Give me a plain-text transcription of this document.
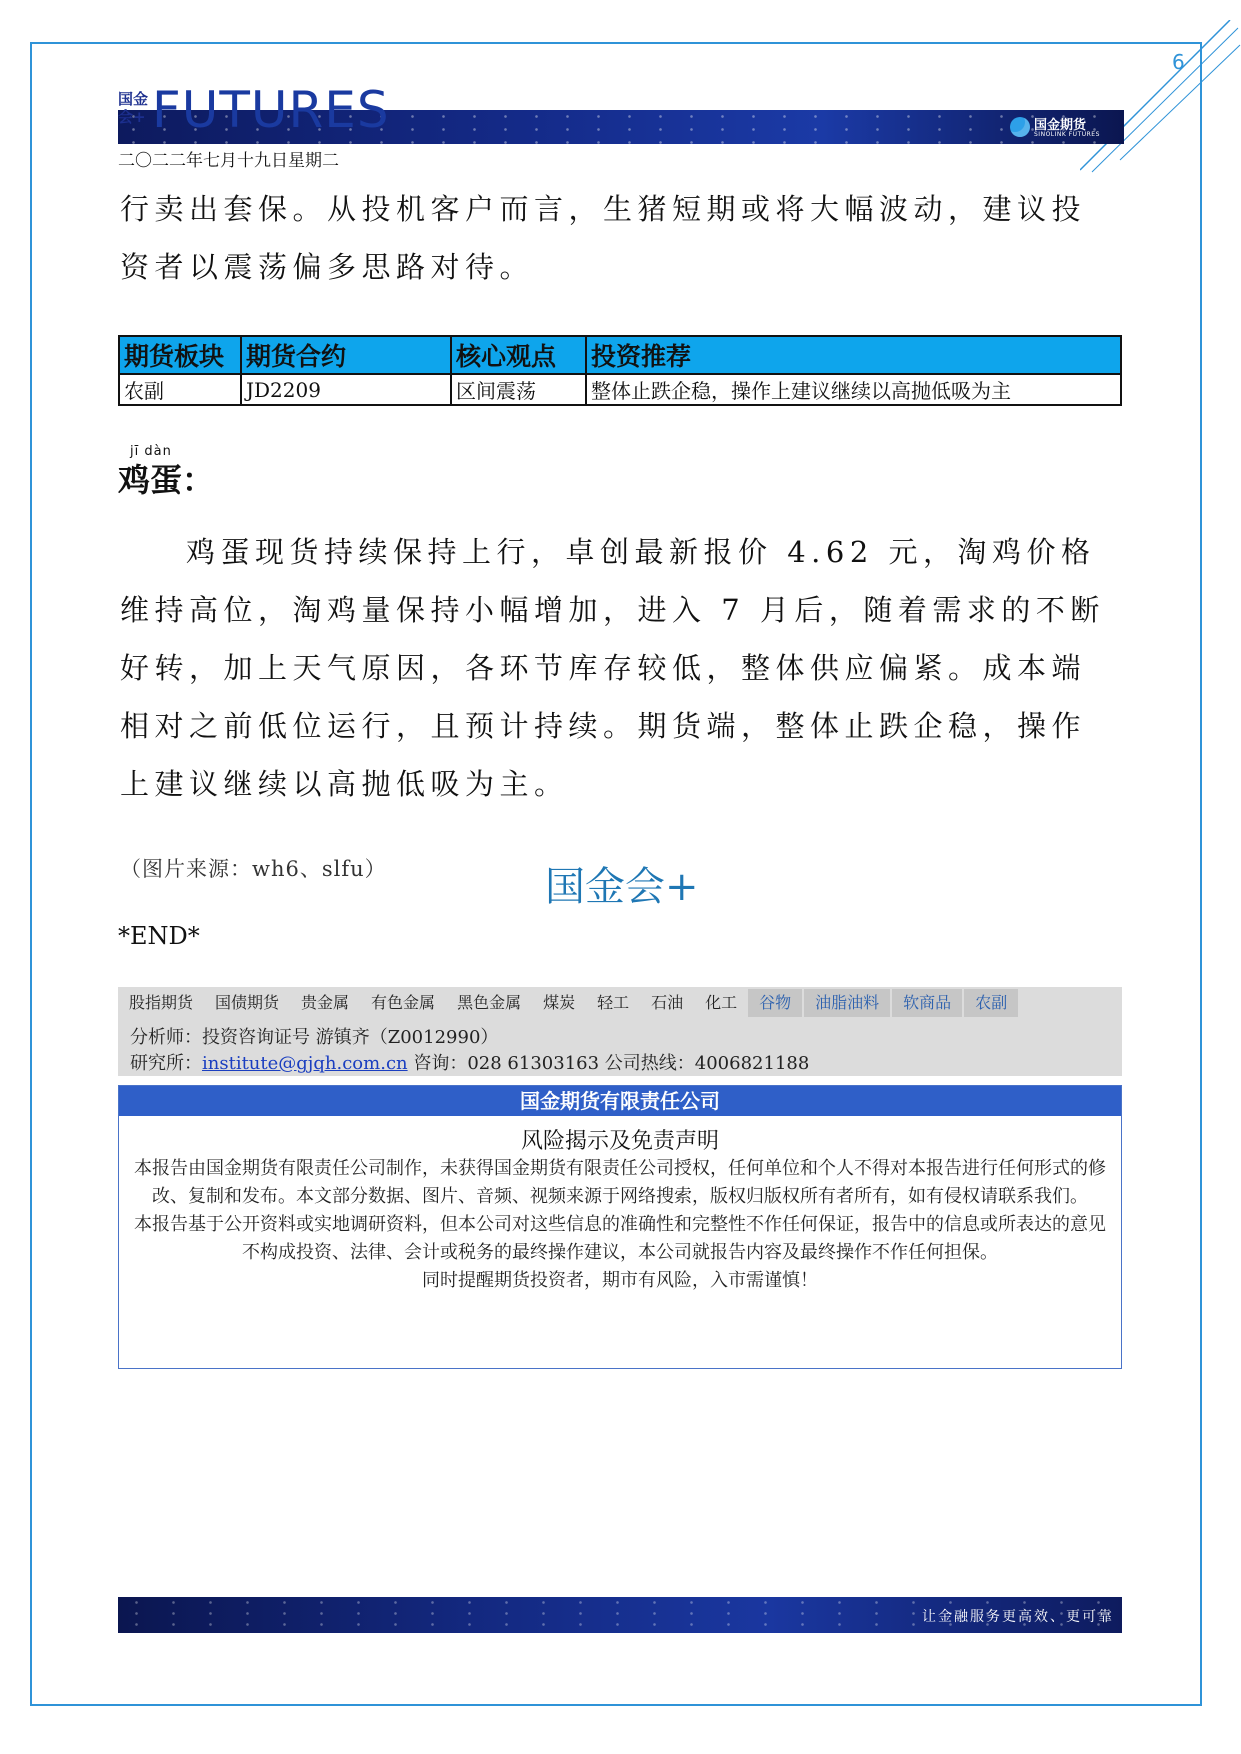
6
国金会+ FUTURES	国金期货
SINOLINK FUTURES
二〇二二年七月十九日星期二

行卖出套保。从投机客户而言，生猪短期或将大幅波动，建议投资者以震荡偏多思路对待。

期货板块	期货合约	核心观点	投资推荐
农副	JD2209	区间震荡	整体止跌企稳，操作上建议继续以高抛低吸为主
jī dàn
鸡蛋：

鸡蛋现货持续保持上行，卓创最新报价 4.62 元，淘鸡价格维持高位，淘鸡量保持小幅增加，进入 7 月后，随着需求的不断好转，加上天气原因，各环节库存较低，整体供应偏紧。成本端相对之前低位运行，且预计持续。期货端，整体止跌企稳，操作上建议继续以高抛低吸为主。

（图片来源：wh6、slfu）	国金会+
*END*
股指期货	国债期货	贵金属	有色金属	黑色金属	煤炭	轻工	石油	化工	谷物	油脂油料	软商品	农副
分析师：投资咨询证号 游镇齐（Z0012990）
研究所：institute@gjqh.com.cn 咨询：028 61303163 公司热线：4006821188
国金期货有限责任公司
风险揭示及免责声明
本报告由国金期货有限责任公司制作，未获得国金期货有限责任公司授权，任何单位和个人不得对本报告进行任何形式的修改、复制和发布。本文部分数据、图片、音频、视频来源于网络搜索，版权归版权所有者所有，如有侵权请联系我们。
本报告基于公开资料或实地调研资料，但本公司对这些信息的准确性和完整性不作任何保证，报告中的信息或所表达的意见不构成投资、法律、会计或税务的最终操作建议，本公司就报告内容及最终操作不作任何担保。
同时提醒期货投资者，期市有风险，入市需谨慎！
让金融服务更高效、更可靠
